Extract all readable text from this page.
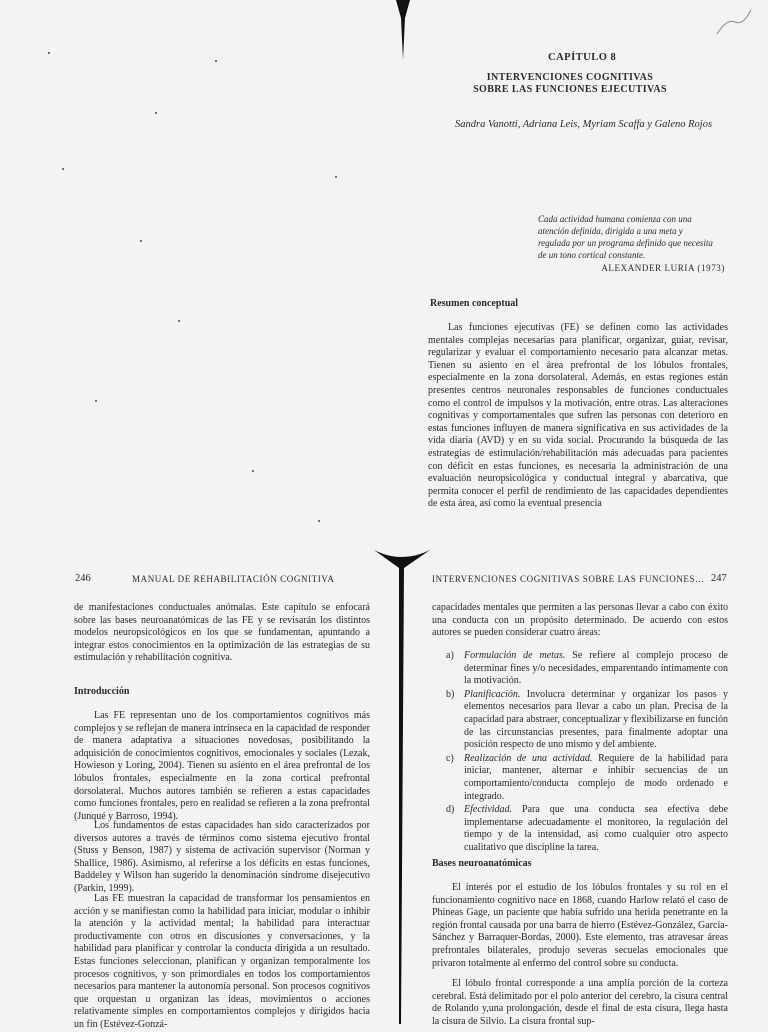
CAPÍTULO 8
INTERVENCIONES COGNITIVAS
SOBRE LAS FUNCIONES EJECUTIVAS
Sandra Vanotti, Adriana Leis, Myriam Scaffa y Galeno Rojos
Cada actividad humana comienza con una atención definida, dirigida a una meta y regulada por un programa definido que necesita de un tono cortical constante.
ALEXANDER LURIA (1973)
Resumen conceptual

Las funciones ejecutivas (FE) se definen como las actividades mentales complejas necesarias para planificar, organizar, guiar, revisar, regularizar y evaluar el comportamiento necesario para alcanzar metas. Tienen su asiento en el área prefrontal de los lóbulos frontales, especialmente en la zona dorsolateral. Además, en estas regiones están presentes centros neuronales responsables de funciones conductuales como el control de impulsos y la motivación, entre otras. Las alteraciones cognitivas y comportamentales que sufren las personas con deterioro en estas funciones influyen de manera significativa en sus actividades de la vida diaria (AVD) y en su vida social. Procurando la búsqueda de las estrategias de estimulación/rehabilitación más adecuadas para pacientes con déficit en estas funciones, es necesaria la administración de una evaluación neuropsicológica y conductual integral y abarcativa, que permita conocer el perfil de rendimiento de las capacidades dependientes de esta área, así como la eventual presencia

246	MANUAL DE REHABILITACIÓN COGNITIVA

de manifestaciones conductuales anómalas. Este capítulo se enfocará sobre las bases neuroanatómicas de las FE y se revisarán los distintos modelos neuropsicológicos en los que se fundamentan, apuntando a integrar estos conocimientos en la optimización de las estrategias de su estimulación y rehabilitación cognitiva.

Introducción

Las FE representan uno de los comportamientos cognitivos más complejos y se reflejan de manera intrínseca en la capacidad de responder de manera adaptativa a situaciones novedosas, posibilitando la adquisición de conocimientos cognitivos, emocionales y sociales (Lezak, Howieson y Loring, 2004). Tienen su asiento en el área prefrontal de los lóbulos frontales, especialmente en la zona cortical prefrontal dorsolateral. Muchos autores también se refieren a estas capacidades como funciones frontales, pero en realidad se refieren a la zona prefrontal (Junqué y Barroso, 1994).

Los fundamentos de estas capacidades han sido caracterizados por diversos autores a través de términos como sistema ejecutivo frontal (Stuss y Benson, 1987) y sistema de activación supervisor (Norman y Shallice, 1986). Asimismo, al referirse a los déficits en estas funciones, Baddeley y Wilson han sugerido la denominación síndrome disejecutivo (Parkin, 1999).

Las FE muestran la capacidad de transformar los pensamientos en acción y se manifiestan como la habilidad para iniciar, modular o inhibir la atención y la actividad mental; la habilidad para interactuar productivamente con otros en discusiones y conversaciones, y la habilidad para planificar y controlar la conducta dirigida a un resultado. Estas funciones seleccionan, planifican y organizan temporalmente los procesos cognitivos, y son primordiales en todos los comportamientos necesarios para mantener la autonomía personal. Son procesos cognitivos que orquestan u organizan las ideas, movimientos o acciones relativamente simples en comportamientos complejos y dirigidos hacia un fin (Estévez-Gonzá-

INTERVENCIONES COGNITIVAS SOBRE LAS FUNCIONES… 247

capacidades mentales que permiten a las personas llevar a cabo con éxito una conducta con un propósito determinado. De acuerdo con estos autores se pueden considerar cuatro áreas:

a) Formulación de metas. Se refiere al complejo proceso de determinar fines y/o necesidades, emparentando íntimamente con la motivación.
b) Planificación. Involucra determinar y organizar los pasos y elementos necesarios para llevar a cabo un plan. Precisa de la capacidad para abstraer, conceptualizar y flexibilizarse en función de las circunstancias presentes, para finalmente adoptar una posición respecto de uno mismo y del ambiente.
c) Realización de una actividad. Requiere de la habilidad para iniciar, mantener, alternar e inhibir secuencias de un comportamiento/conducta complejo de modo ordenado e integrado.
d) Efectividad. Para que una conducta sea efectiva debe implementarse adecuadamente el monitoreo, la regulación del tiempo y de la intensidad, así como cualquier otro aspecto cualitativo que discipline la tarea.
Bases neuroanatómicas

El interés por el estudio de los lóbulos frontales y su rol en el funcionamiento cognitivo nace en 1868, cuando Harlow relató el caso de Phineas Gage, un paciente que había sufrido una herida penetrante en la región frontal causada por una barra de hierro (Estévez-González, García-Sánchez y Barraquer-Bordas, 2000). Este elemento, tras atravesar áreas prefrontales bilaterales, produjo severas secuelas emocionales que privaron totalmente al enfermo del control sobre su conducta.

El lóbulo frontal corresponde a una amplia porción de la corteza cerebral. Está delimitado por el polo anterior del cerebro, la cisura central de Rolando y,una prolongación, desde el final de esta cisura, llega hasta la cisura de Silvio. La cisura frontal sup-
